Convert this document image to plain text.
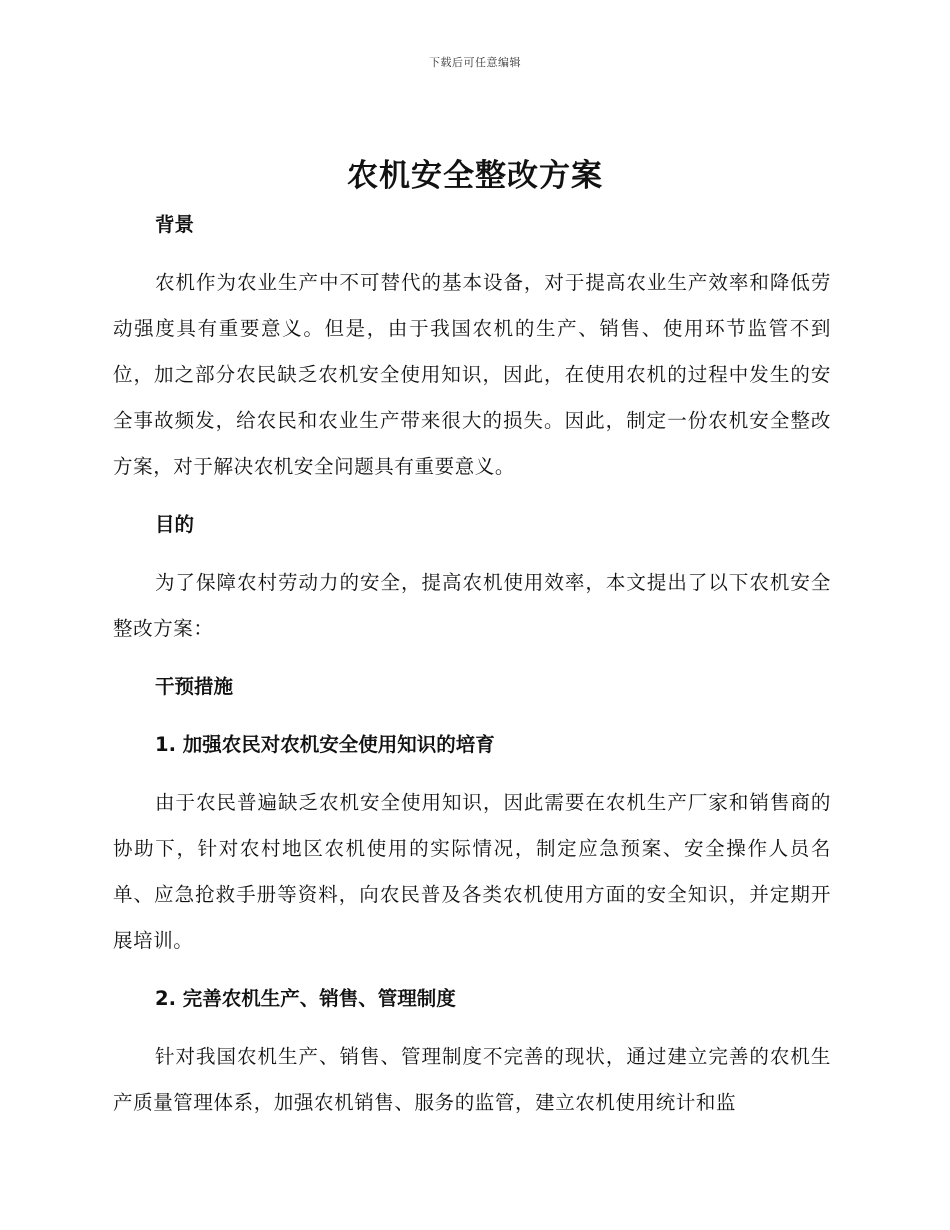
下载后可任意编辑
农机安全整改方案

背景

农机作为农业生产中不可替代的基本设备，对于提高农业生产效率和降低劳动强度具有重要意义。但是，由于我国农机的生产、销售、使用环节监管不到位，加之部分农民缺乏农机安全使用知识，因此，在使用农机的过程中发生的安全事故频发，给农民和农业生产带来很大的损失。因此，制定一份农机安全整改方案，对于解决农机安全问题具有重要意义。

目的

为了保障农村劳动力的安全，提高农机使用效率，本文提出了以下农机安全整改方案：

干预措施

1. 加强农民对农机安全使用知识的培育

由于农民普遍缺乏农机安全使用知识，因此需要在农机生产厂家和销售商的协助下，针对农村地区农机使用的实际情况，制定应急预案、安全操作人员名单、应急抢救手册等资料，向农民普及各类农机使用方面的安全知识，并定期开展培训。

2. 完善农机生产、销售、管理制度

针对我国农机生产、销售、管理制度不完善的现状，通过建立完善的农机生产质量管理体系，加强农机销售、服务的监管，建立农机使用统计和监
